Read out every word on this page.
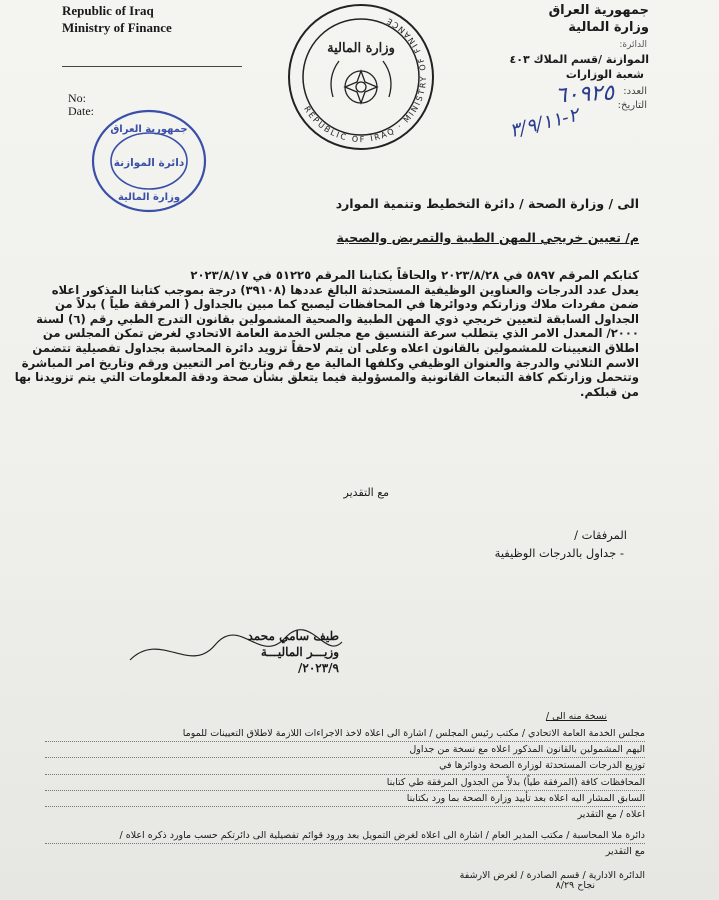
Republic of Iraq
Ministry of Finance
No:
Date:	REPUBLIC OF IRAQ · MINISTRY OF FINANCE
وزارة المالية
جمهورية العراق
وزارة المالية
الدائرة:
الموازنة /قسم الملاك ٤٠٣
شعبة الوزارات
العدد:
التاريخ:
٦٠٩٢٥
٢-٣/٩/١١
جمهورية العراق
دائرة الموازنة
وزارة المالية	الى / وزارة الصحة / دائرة التخطيط وتنمية الموارد
م/ تعيين خريجي المهن الطبية والتمريض والصحية

كتابكم المرقم ٥٨٩٧ في ٢٠٢٣/٨/٢٨ والحاقاً بكتابنا المرقم ٥١٢٢٥ في ٢٠٢٣/٨/١٧

يعدل عدد الدرجات والعناوين الوظيفية المستحدثة البالغ عددها (٣٩١٠٨) درجة بموجب كتابنا المذكور اعلاه

ضمن مفردات ملاك وزارتكم ودوائرها في المحافظات ليصبح كما مبين بالجداول ( المرفقة طياً ) بدلاً من

الجداول السابقة لتعيين خريجي ذوي المهن الطبية والصحية المشمولين بقانون التدرج الطبي رقم (٦) لسنة

٢٠٠٠/ المعدل الامر الذي يتطلب سرعة التنسيق مع مجلس الخدمة العامة الاتحادي لغرض تمكن المجلس من

اطلاق التعيينات للمشمولين بالقانون اعلاه وعلى ان يتم لاحقاً تزويد دائرة المحاسبة بجداول تفصيلية تتضمن

الاسم الثلاثي والدرجة والعنوان الوظيفي وكلفها المالية مع رقم وتاريخ امر التعيين ورقم وتاريخ امر المباشرة

وتتحمل وزارتكم كافة التبعات القانونية والمسؤولية فيما يتعلق بشأن صحة ودقة المعلومات التي يتم تزويدنا بها

من قبلكم.

مع التقدير
المرفقات /
- جداول بالدرجات الوظيفية
طيف سامي محمد
وزيـــر الماليـــة
٢٠٢٣/٩/
نسخة منه الى /

مجلس الخدمة العامة الاتحادي / مكتب رئيس المجلس / اشارة الى اعلاه لاخذ الاجراءات اللازمة لاطلاق التعيينات للموما

اليهم المشمولين بالقانون المذكور اعلاه مع نسخة من جداول

توزيع الدرجات المستحدثة لوزارة الصحة ودوائرها في

المحافظات كافة (المرفقة طياً) بدلاً من الجدول المرفقة طي كتابنا

السابق المشار اليه اعلاه بعد تأييد وزارة الصحة بما ورد بكتابنا

اعلاه / مع التقدير

دائرة ملا المحاسبة / مكتب المدير العام / اشارة الى اعلاه لغرض التمويل بعد ورود قوائم تفصيلية الى دائرتكم حسب ماورد ذكره اعلاه /

مع التقدير

الدائرة الادارية / قسم الصادرة / لغرض الارشفة

نجاح ٨/٢٩
